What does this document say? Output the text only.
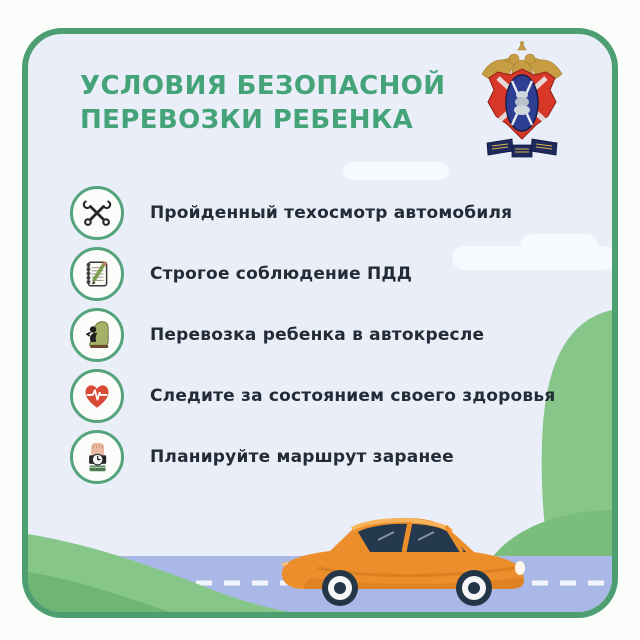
УСЛОВИЯ БЕЗОПАСНОЙ
ПЕРЕВОЗКИ РЕБЕНКА
Пройденный техосмотр автомобиля
Строгое соблюдение ПДД
Перевозка ребенка в автокресле
Следите за состоянием своего здоровья
Планируйте маршрут заранее
